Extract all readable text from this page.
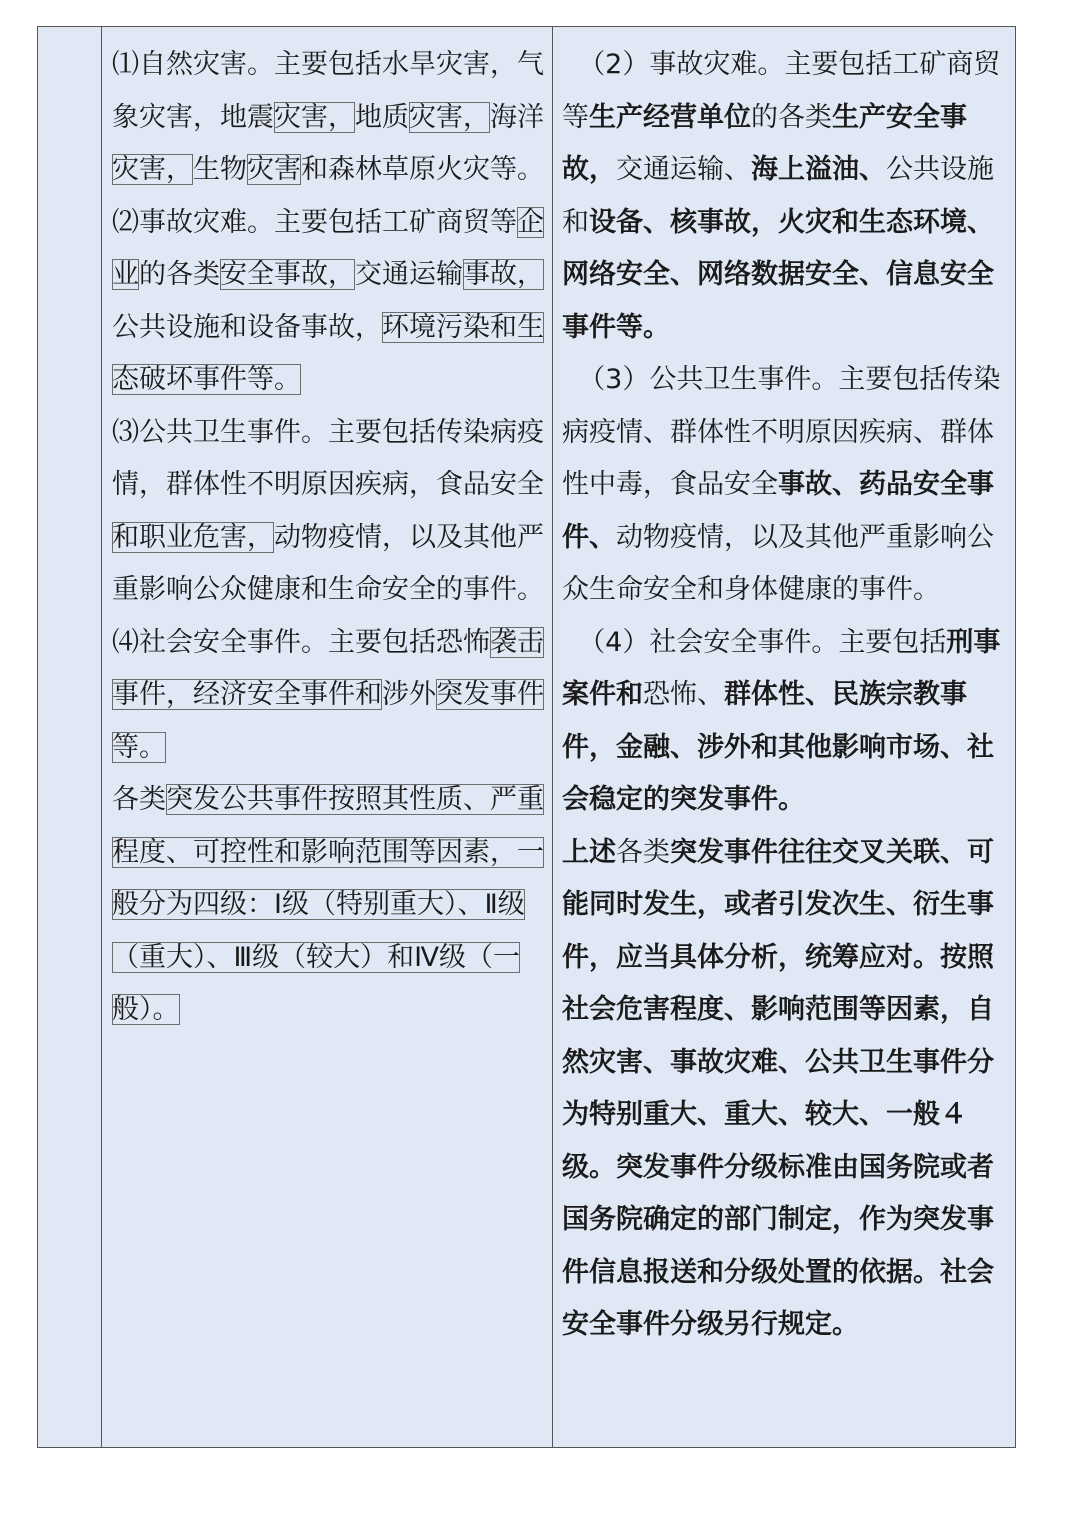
⑴自然灾害。主要包括水旱灾害，气象灾害，地震灾害，地质灾害，海洋灾害，生物灾害和森林草原火灾等。

⑵事故灾难。主要包括工矿商贸等企业的各类安全事故，交通运输事故，公共设施和设备事故，环境污染和生态破坏事件等。

⑶公共卫生事件。主要包括传染病疫情，群体性不明原因疾病，食品安全和职业危害，动物疫情，以及其他严重影响公众健康和生命安全的事件。

⑷社会安全事件。主要包括恐怖袭击事件，经济安全事件和涉外突发事件等。

各类突发公共事件按照其性质、严重程度、可控性和影响范围等因素，一般分为四级：Ⅰ级（特别重大）、Ⅱ级（重大）、Ⅲ级（较大）和Ⅳ级（一般）。

（2）事故灾难。主要包括工矿商贸等生产经营单位的各类生产安全事故，交通运输、海上溢油、公共设施和设备、核事故，火灾和生态环境、网络安全、网络数据安全、信息安全事件等。

（3）公共卫生事件。主要包括传染病疫情、群体性不明原因疾病、群体性中毒，食品安全事故、药品安全事件、动物疫情，以及其他严重影响公众生命安全和身体健康的事件。

（4）社会安全事件。主要包括刑事案件和恐怖、群体性、民族宗教事件，金融、涉外和其他影响市场、社会稳定的突发事件。

上述各类突发事件往往交叉关联、可能同时发生，或者引发次生、衍生事件，应当具体分析，统筹应对。按照社会危害程度、影响范围等因素，自然灾害、事故灾难、公共卫生事件分为特别重大、重大、较大、一般４级。突发事件分级标准由国务院或者国务院确定的部门制定，作为突发事件信息报送和分级处置的依据。社会安全事件分级另行规定。
